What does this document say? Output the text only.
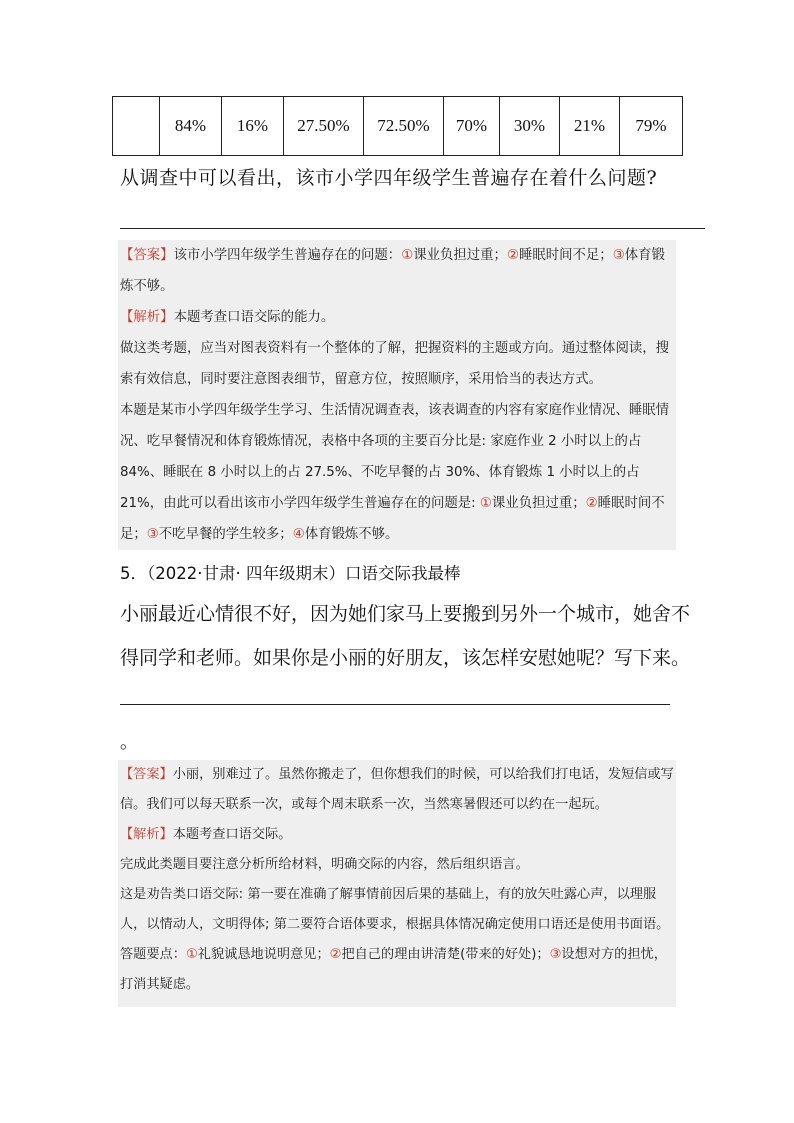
	84%	16%	27.50%	72.50%	70%	30%	21%	79%
从调查中可以看出，该市小学四年级学生普遍存在着什么问题?

【答案】该市小学四年级学生普遍存在的问题：①课业负担过重；②睡眠时间不足；③体育锻炼不够。

【解析】本题考查口语交际的能力。

做这类考题，应当对图表资料有一个整体的了解，把握资料的主题或方向。通过整体阅读，搜索有效信息，同时要注意图表细节，留意方位，按照顺序，采用恰当的表达方式。

本题是某市小学四年级学生学习、生活情况调查表，该表调查的内容有家庭作业情况、睡眠情况、吃早餐情况和体育锻炼情况，表格中各项的主要百分比是: 家庭作业 2 小时以上的占 84%、睡眠在 8 小时以上的占 27.5%、不吃早餐的占 30%、体育锻炼 1 小时以上的占 21%，由此可以看出该市小学四年级学生普遍存在的问题是: ①课业负担过重；②睡眠时间不足；③不吃早餐的学生较多；④体育锻炼不够。

5．（2022·甘肃· 四年级期末）口语交际我最棒
小丽最近心情很不好，因为她们家马上要搬到另外一个城市，她舍不得同学和老师。如果你是小丽的好朋友，该怎样安慰她呢？写下来。
。

【答案】小丽，别难过了。虽然你搬走了，但你想我们的时候，可以给我们打电话，发短信或写信。我们可以每天联系一次，或每个周末联系一次，当然寒暑假还可以约在一起玩。

【解析】本题考查口语交际。

完成此类题目要注意分析所给材料，明确交际的内容，然后组织语言。

这是劝告类口语交际: 第一要在准确了解事情前因后果的基础上，有的放矢吐露心声，以理服人，以情动人，文明得体; 第二要符合语体要求，根据具体情况确定使用口语还是使用书面语。答题要点：①礼貌诚恳地说明意见；②把自己的理由讲清楚(带来的好处)；③设想对方的担忧，打消其疑虑。
